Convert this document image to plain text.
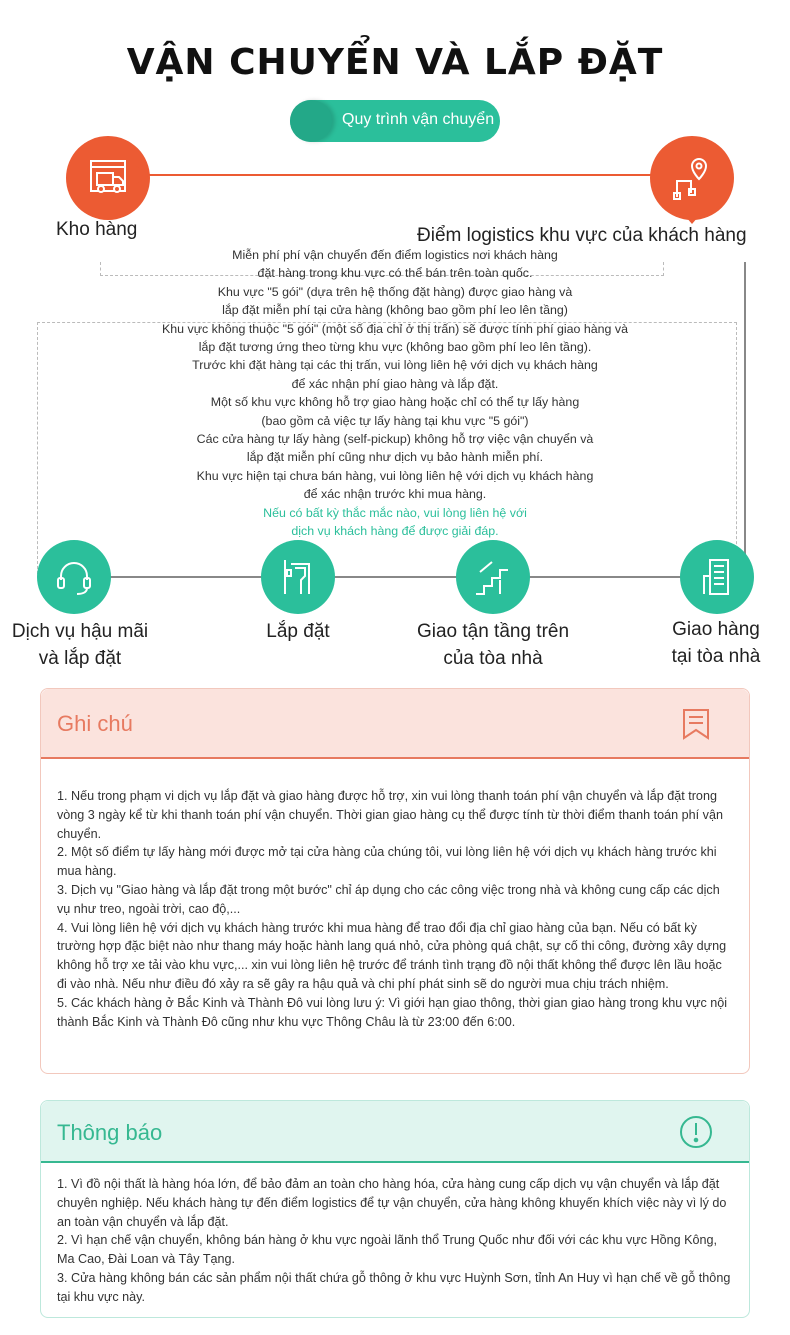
VẬN CHUYỂN VÀ LẮP ĐẶT
Quy trình vận chuyển
Kho hàng	Điểm logistics khu vực của khách hàng
Miễn phí phí vận chuyển đến điểm logistics nơi khách hàng
đặt hàng trong khu vực có thể bán trên toàn quốc.
Khu vực "5 gói" (dựa trên hệ thống đặt hàng) được giao hàng và
lắp đặt miễn phí tại cửa hàng (không bao gồm phí leo lên tầng)
Khu vực không thuộc "5 gói" (một số địa chỉ ở thị trấn) sẽ được tính phí giao hàng và
lắp đặt tương ứng theo từng khu vực (không bao gồm phí leo lên tầng).
Trước khi đặt hàng tại các thị trấn, vui lòng liên hệ với dịch vụ khách hàng
để xác nhận phí giao hàng và lắp đặt.
Một số khu vực không hỗ trợ giao hàng hoặc chỉ có thể tự lấy hàng
(bao gồm cả việc tự lấy hàng tại khu vực "5 gói")
Các cửa hàng tự lấy hàng (self-pickup) không hỗ trợ việc vận chuyển và
lắp đặt miễn phí cũng như dịch vụ bảo hành miễn phí.
Khu vực hiện tại chưa bán hàng, vui lòng liên hệ với dịch vụ khách hàng
để xác nhận trước khi mua hàng.
Nếu có bất kỳ thắc mắc nào, vui lòng liên hệ với
dịch vụ khách hàng để được giải đáp.
Dịch vụ hậu mãi
và lắp đặt
Lắp đặt	Giao tận tầng trên
của tòa nhà
Giao hàng
tại tòa nhà
Ghi chú
1. Nếu trong phạm vi dịch vụ lắp đặt và giao hàng được hỗ trợ, xin vui lòng thanh toán phí vận chuyển và lắp đặt trong vòng 3 ngày kể từ khi thanh toán phí vận chuyển. Thời gian giao hàng cụ thể được tính từ thời điểm thanh toán phí vận chuyển.
2. Một số điểm tự lấy hàng mới được mở tại cửa hàng của chúng tôi, vui lòng liên hệ với dịch vụ khách hàng trước khi mua hàng.
3. Dịch vụ "Giao hàng và lắp đặt trong một bước" chỉ áp dụng cho các công việc trong nhà và không cung cấp các dịch vụ như treo, ngoài trời, cao độ,...
4. Vui lòng liên hệ với dịch vụ khách hàng trước khi mua hàng để trao đổi địa chỉ giao hàng của bạn. Nếu có bất kỳ trường hợp đặc biệt nào như thang máy hoặc hành lang quá nhỏ, cửa phòng quá chật, sự cố thi công, đường xây dựng không hỗ trợ xe tải vào khu vực,... xin vui lòng liên hệ trước để tránh tình trạng đồ nội thất không thể được lên lầu hoặc đi vào nhà. Nếu như điều đó xảy ra sẽ gây ra hậu quả và chi phí phát sinh sẽ do người mua chịu trách nhiệm.
5. Các khách hàng ở Bắc Kinh và Thành Đô vui lòng lưu ý: Vì giới hạn giao thông, thời gian giao hàng trong khu vực nội thành Bắc Kinh và Thành Đô cũng như khu vực Thông Châu là từ 23:00 đến 6:00.
Thông báo
1. Vì đồ nội thất là hàng hóa lớn, để bảo đảm an toàn cho hàng hóa, cửa hàng cung cấp dịch vụ vận chuyển và lắp đặt chuyên nghiệp. Nếu khách hàng tự đến điểm logistics để tự vận chuyển, cửa hàng không khuyến khích việc này vì lý do an toàn vận chuyển và lắp đặt.
2. Vì hạn chế vận chuyển, không bán hàng ở khu vực ngoài lãnh thổ Trung Quốc như đối với các khu vực Hồng Kông, Ma Cao, Đài Loan và Tây Tạng.
3. Cửa hàng không bán các sản phẩm nội thất chứa gỗ thông ở khu vực Huỳnh Sơn, tỉnh An Huy vì hạn chế về gỗ thông tại khu vực này.
